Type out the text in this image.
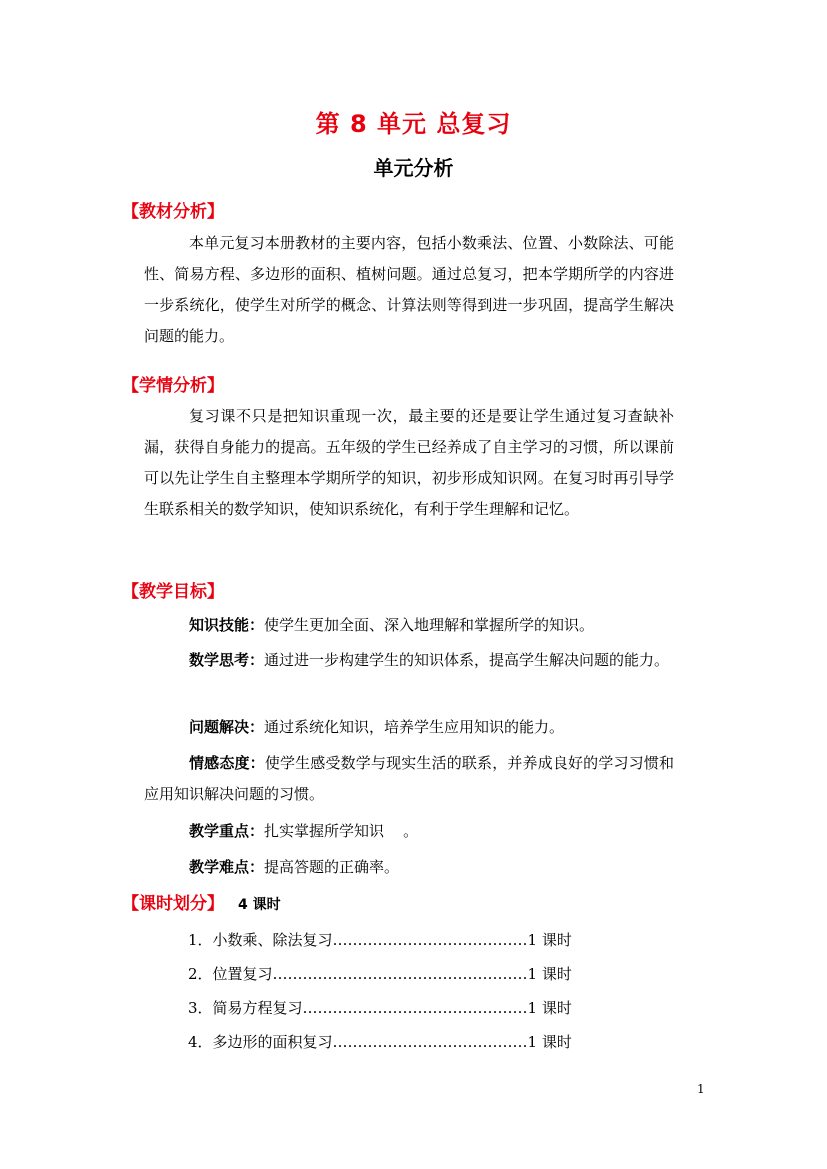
第 8 单元 总复习
单元分析
【教材分析】

本单元复习本册教材的主要内容，包括小数乘法、位置、小数除法、可能性、简易方程、多边形的面积、植树问题。通过总复习，把本学期所学的内容进一步系统化，使学生对所学的概念、计算法则等得到进一步巩固，提高学生解决问题的能力。

【学情分析】

复习课不只是把知识重现一次，最主要的还是要让学生通过复习查缺补漏，获得自身能力的提高。五年级的学生已经养成了自主学习的习惯，所以课前可以先让学生自主整理本学期所学的知识，初步形成知识网。在复习时再引导学生联系相关的数学知识，使知识系统化，有利于学生理解和记忆。

【教学目标】

知识技能：使学生更加全面、深入地理解和掌握所学的知识。

数学思考：通过进一步构建学生的知识体系，提高学生解决问题的能力。

问题解决：通过系统化知识，培养学生应用知识的能力。

情感态度：使学生感受数学与现实生活的联系，并养成良好的学习习惯和应用知识解决问题的习惯。

教学重点：扎实掌握所学知识    。

教学难点：提高答题的正确率。

【课时划分】 4 课时
1．小数乘、除法复习…………………………………1 课时
2．位置复习……………………………………………1 课时
3．简易方程复习………………………………………1 课时
4．多边形的面积复习…………………………………1 课时
1
